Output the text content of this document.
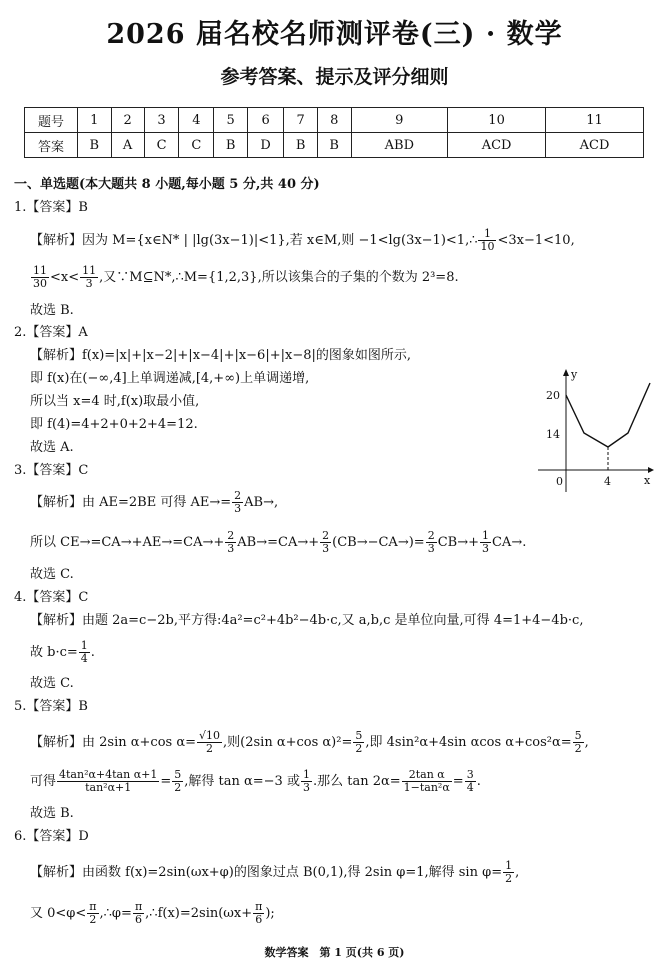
2026 届名校名师测评卷(三) · 数学
参考答案、提示及评分细则
题号	1	2	3	4	5	6	7	8	9	10	11
答案	B	A	C	C	B	D	B	B	ABD	ACD	ACD
一、单选题(本大题共 8 小题,每小题 5 分,共 40 分)
1.【答案】B
【解析】因为 M={x∈N* | |lg(3x−1)|<1},若 x∈M,则 −1<lg(3x−1)<1,∴ $\frac{1}{10} <3x-1<10$,
$\frac{11}{30} <x< \frac{11}{3}$ ,又∵M⊆N*,∴M={1,2,3},所以该集合的子集的个数为 2³=8.
故选 B.
2.【答案】A
【解析】f(x)=|x|+|x−2|+|x−4|+|x−6|+|x−8|的图象如图所示,
即 f(x)在(−∞,4]上单调递减,[4,+∞)上单调递增,
所以当 x=4 时,f(x)取最小值,
即 f(4)=4+2+0+2+4=12.
故选 A.
y
x
20
14
0	4
3.【答案】C
【解析】由 AE=2BE 可得 $AE\to= \frac{2}{3} AB\to$,
所以 $CE\to=CA\to+AE\to=CA\to+ \frac{2}{3} AB\to=CA\to+ \frac{2}{3} (CB\to-CA\to)= \frac{2}{3} CB\to+ \frac{1}{3} CA\to$.
故选 C.
4.【答案】C
【解析】由题 2a=c−2b,平方得:4a²=c²+4b²−4b·c,又 a,b,c 是单位向量,可得 4=1+4−4b·c,
故 $b\cdot c= \frac{1}{4}$ .
故选 C.
5.【答案】B
【解析】由 2sin α+cos $\alpha= \frac{√10}{2}$ ,则(2sin α+cos $\alpha)^2= \frac{5}{2}$ ,即 4sin²α+4sin αcos $\alpha+\cos^2\alpha= \frac{5}{2}$ ,
可得 $\frac{\text{4tan²α+4tan α+1}}{\text{tan²α+1}} = \frac{5}{2}$ ,解得 tan α=−3 或 $\frac{1}{3}$ .那么 $\tan 2\alpha= \frac{\text{2tan α}}{\text{1−tan²α}} = \frac{3}{4}$ .
故选 B.
6.【答案】D
【解析】由函数 f(x)=2sin(ωx+φ)的图象过点 B(0,1),得 2sin φ=1,解得 $\sin \varphi= \frac{1}{2}$ ,
又 $0<\varphi< \frac{\pi}{2}$ ,∴φ= $\frac{\pi}{6}$ ,∴f(x)=2sin(ωx+ $\frac{\pi}{6}$ );
数学答案　第 1 页(共 6 页)
